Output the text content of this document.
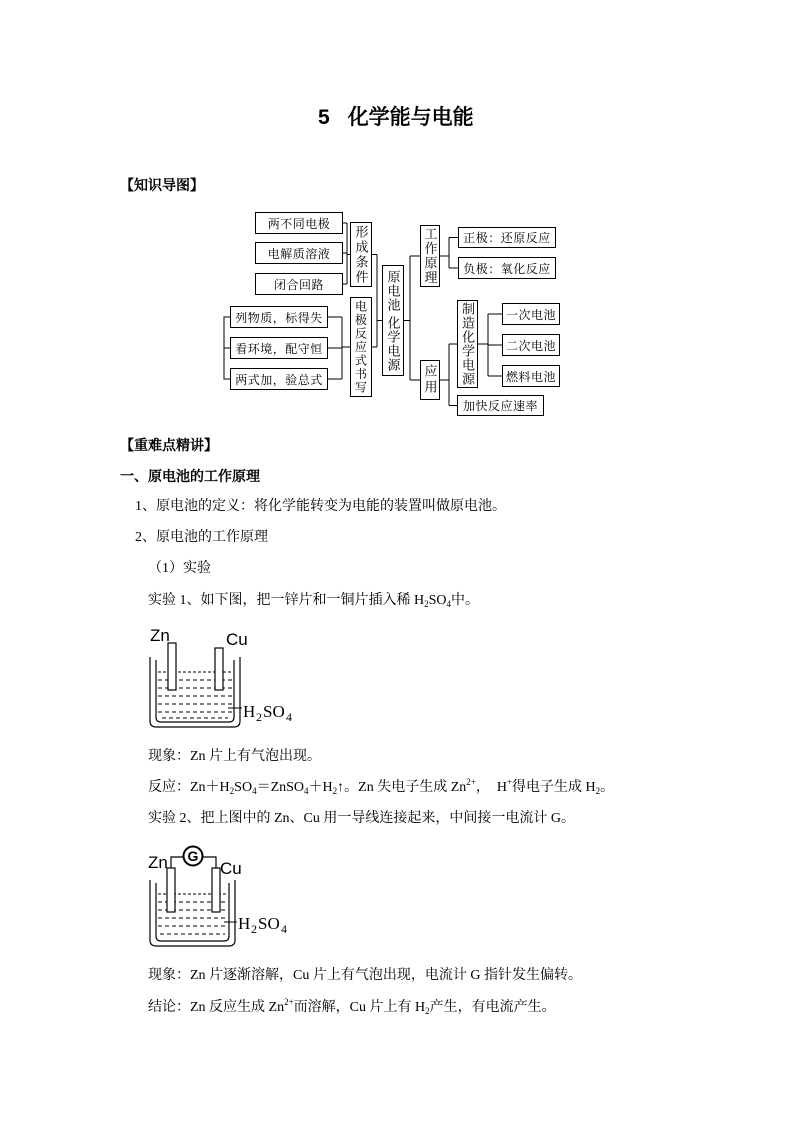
5 化学能与电能
【知识导图】
两不同电极
电解质溶液
闭合回路
列物质，标得失
看环境，配守恒
两式加，验总式
形成条件
电极反应式书写
原电池
化学电源
工作原理	正极：还原反应
负极：氧化反应
应用 制造化学电源	一次电池
二次电池
燃料电池
加快反应速率
【重难点精讲】
一、原电池的工作原理
1、原电池的定义：将化学能转变为电能的装置叫做原电池。
2、原电池的工作原理
（1）实验
实验 1、如下图，把一锌片和一铜片插入稀 $H_2SO_4$中。
Zn	Cu
H 2 SO 4
现象：Zn 片上有气泡出现。
反应：$Zn+H_2SO_4=ZnSO_4+H_2↑$。Zn 失电子生成 $Zn^{2+}$，  H+得电子生成 $H_2$。
实验 2、把上图中的 Zn、Cu 用一导线连接起来，中间接一电流计 G。
G
Zn	Cu
H 2 SO 4
现象：Zn 片逐渐溶解，Cu 片上有气泡出现，电流计 G 指针发生偏转。
结论：Zn 反应生成 $Zn^{2+}$而溶解，Cu 片上有 $H_2$产生，有电流产生。
